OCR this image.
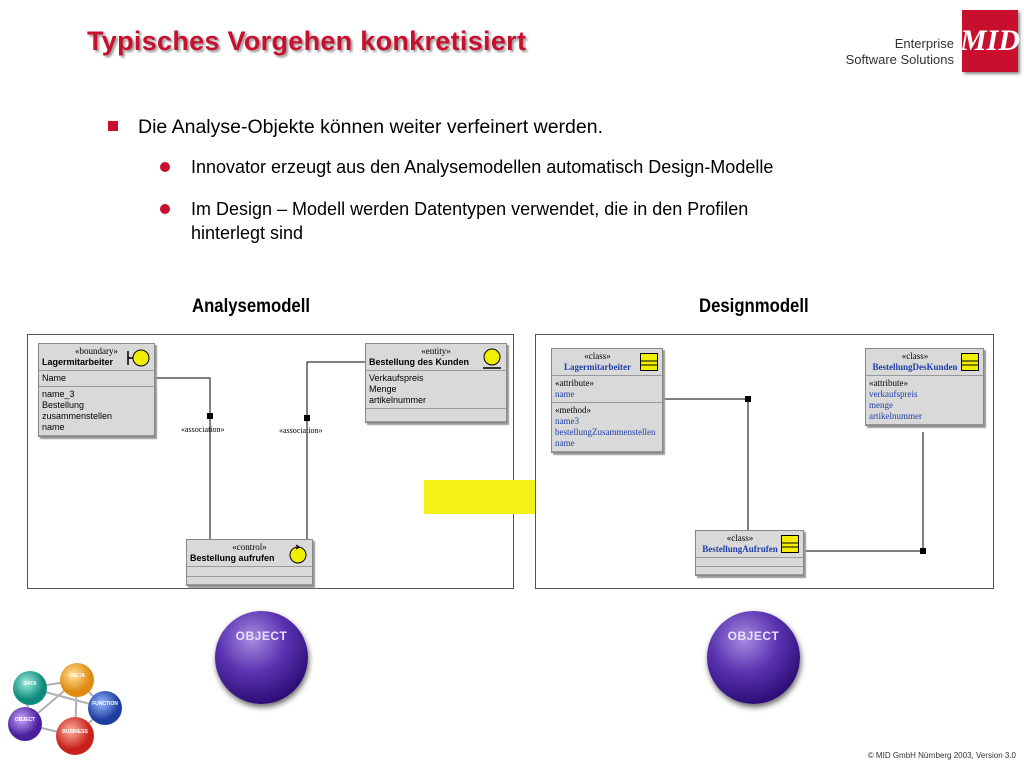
Typisches Vorgehen konkretisiert	Enterprise
Software Solutions
MID
Die Analyse-Objekte können weiter verfeinert werden.
Innovator erzeugt aus den Analysemodellen automatisch Design-Modelle
Im Design – Modell werden Datentypen verwendet, die in den Profilen
hinterlegt sind
Analysemodell	Designmodell
«association»	«association»
«boundary»
Lagermitarbeiter
Name
name_3
Bestellung
zusammenstellen
name
«entity»
Bestellung des Kunden
Verkaufspreis
Menge
artikelnummer
«control»
Bestellung aufrufen
«class»
Lagermitarbeiter
«attribute»
name
«method»
name3
bestellungZusammenstellen
name
«class»
BestellungDesKunden
«attribute»
verkaufspreis
menge
artikelnummer
«class»
BestellungAufrufen
OBJECT	OBJECT
DATA
DELTA
FUNCTION
OBJECT
BUSINESS
© MID GmbH Nürnberg 2003, Version 3.0
